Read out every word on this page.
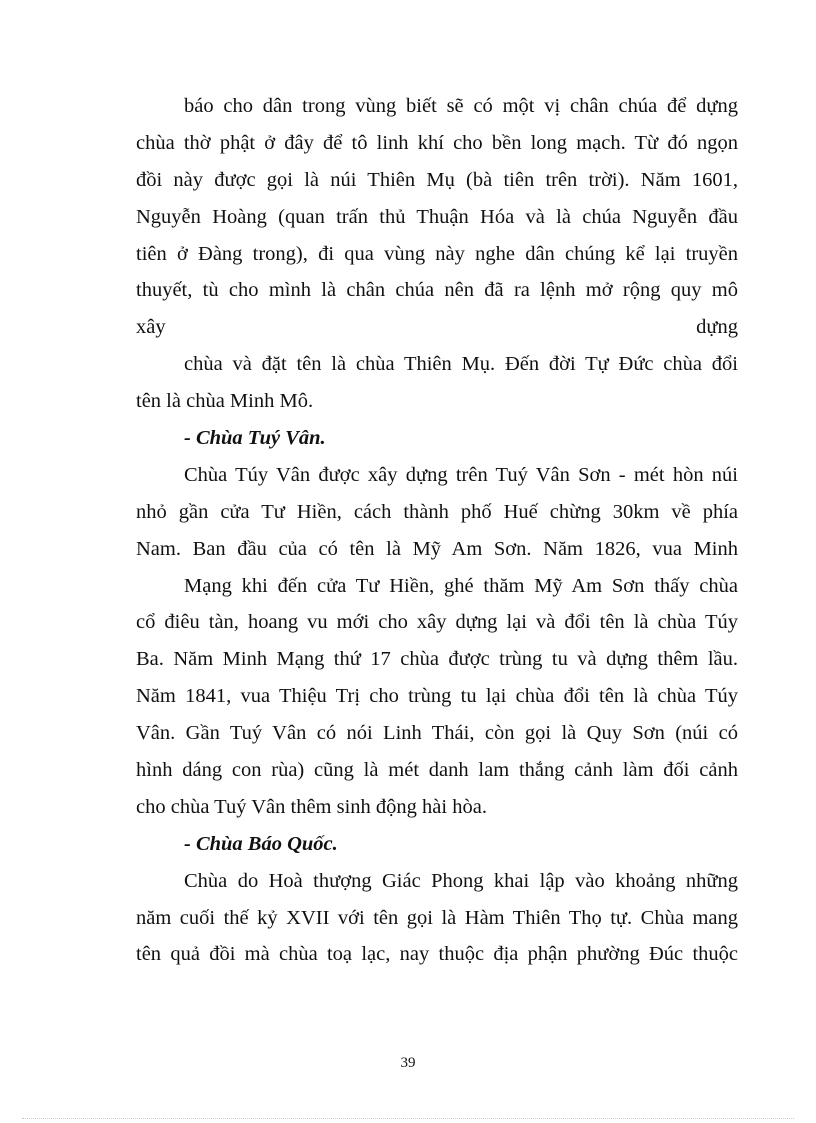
báo cho dân trong vùng biết sẽ có một vị chân chúa để dựng
chùa thờ phật ở đây để tô linh khí cho bền long mạch. Từ đó ngọn
đồi này được gọi là núi Thiên Mụ (bà tiên trên trời). Năm 1601,
Nguyễn Hoàng (quan trấn thủ Thuận Hóa và là chúa Nguyễn đầu
tiên ở Đàng trong), đi qua vùng này nghe dân chúng kể lại truyền
thuyết, tù cho mình là chân chúa nên đã ra lệnh mở rộng quy mô
xây dựng
chùa và đặt tên là chùa Thiên Mụ. Đến đời Tự Đức chùa đổi
tên là chùa Minh Mô.
- Chùa Tuý Vân.
Chùa Túy Vân được xây dựng trên Tuý Vân Sơn - mét hòn núi
nhỏ gần cửa Tư Hiền, cách thành phố Huế chừng 30km về phía
Nam. Ban đầu của có tên là Mỹ Am Sơn. Năm 1826, vua Minh
Mạng khi đến cửa Tư Hiền, ghé thăm Mỹ Am Sơn thấy chùa
cổ điêu tàn, hoang vu mới cho xây dựng lại và đổi tên là chùa Túy
Ba. Năm Minh Mạng thứ 17 chùa được trùng tu và dựng thêm lầu.
Năm 1841, vua Thiệu Trị cho trùng tu lại chùa đổi tên là chùa Túy
Vân. Gần Tuý Vân có nói Linh Thái, còn gọi là Quy Sơn (núi có
hình dáng con rùa) cũng là mét danh lam thắng cảnh làm đối cảnh
cho chùa Tuý Vân thêm sinh động hài hòa.
- Chùa Báo Quốc.
Chùa do Hoà thượng Giác Phong khai lập vào khoảng những
năm cuối thế kỷ XVII với tên gọi là Hàm Thiên Thọ tự. Chùa mang
tên quả đồi mà chùa toạ lạc, nay thuộc địa phận phường Đúc thuộc
39
